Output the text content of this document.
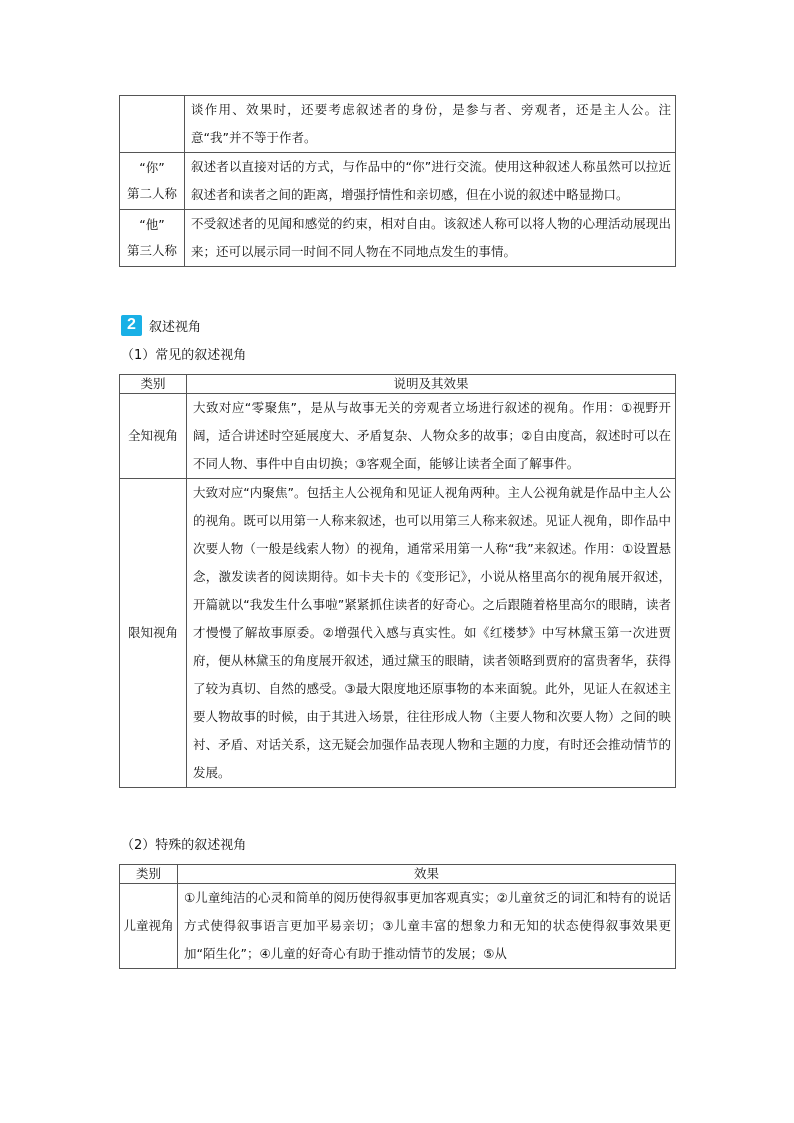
	谈作用、效果时，还要考虑叙述者的身份，是参与者、旁观者，还是主人公。注意“我”并不等于作者。

“你”
第二人称	叙述者以直接对话的方式，与作品中的“你”进行交流。使用这种叙述人称虽然可以拉近叙述者和读者之间的距离，增强抒情性和亲切感，但在小说的叙述中略显拗口。

“他”
第三人称	不受叙述者的见闻和感觉的约束，相对自由。该叙述人称可以将人物的心理活动展现出来；还可以展示同一时间不同人物在不同地点发生的事情。
2	叙述视角
（1）常见的叙述视角
类别	说明及其效果
全知视角	大致对应“零聚焦”，是从与故事无关的旁观者立场进行叙述的视角。作用：①视野开阔，适合讲述时空延展度大、矛盾复杂、人物众多的故事；②自由度高，叙述时可以在不同人物、事件中自由切换；③客观全面，能够让读者全面了解事件。
限知视角	大致对应“内聚焦”。包括主人公视角和见证人视角两种。主人公视角就是作品中主人公的视角。既可以用第一人称来叙述，也可以用第三人称来叙述。见证人视角，即作品中次要人物（一般是线索人物）的视角，通常采用第一人称“我”来叙述。作用：①设置悬念，激发读者的阅读期待。如卡夫卡的《变形记》，小说从格里高尔的视角展开叙述，开篇就以“我发生什么事啦”紧紧抓住读者的好奇心。之后跟随着格里高尔的眼睛，读者才慢慢了解故事原委。②增强代入感与真实性。如《红楼梦》中写林黛玉第一次进贾府，便从林黛玉的角度展开叙述，通过黛玉的眼睛，读者领略到贾府的富贵奢华，获得了较为真切、自然的感受。③最大限度地还原事物的本来面貌。此外，见证人在叙述主要人物故事的时候，由于其进入场景，往往形成人物（主要人物和次要人物）之间的映衬、矛盾、对话关系，这无疑会加强作品表现人物和主题的力度，有时还会推动情节的发展。
（2）特殊的叙述视角
类别	效果
儿童视角	①儿童纯洁的心灵和简单的阅历使得叙事更加客观真实；②儿童贫乏的词汇和特有的说话方式使得叙事语言更加平易亲切；③儿童丰富的想象力和无知的状态使得叙事效果更加“陌生化”；④儿童的好奇心有助于推动情节的发展；⑤从
